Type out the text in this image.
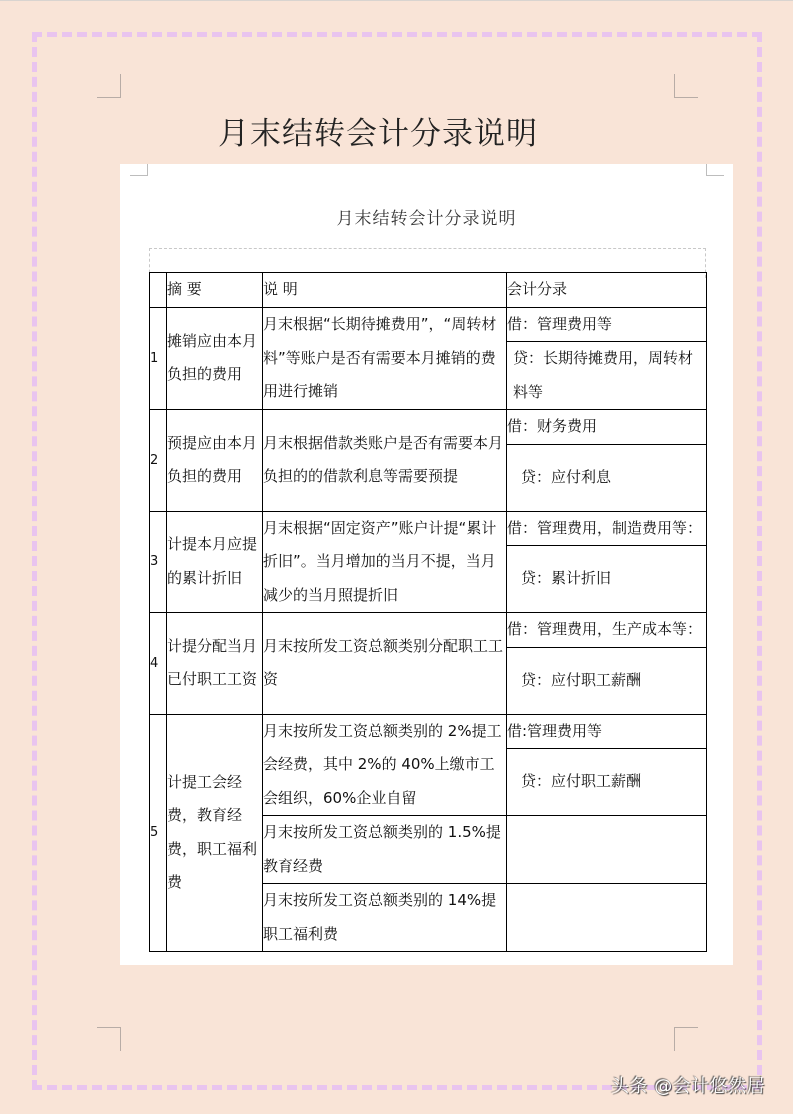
月末结转会计分录说明
月末结转会计分录说明
	摘 要	说 明	会计分录
1	摊销应由本月负担的费用	月末根据“长期待摊费用”，“周转材料”等账户是否有需要本月摊销的费用进行摊销	借：管理费用等
			贷：长期待摊费用，周转材料等
2	预提应由本月负担的费用	月末根据借款类账户是否有需要本月负担的的借款利息等需要预提	借：财务费用
			贷：应付利息
3	计提本月应提的累计折旧	月末根据“固定资产”账户计提“累计折旧”。当月增加的当月不提，当月减少的当月照提折旧	借：管理费用，制造费用等：
			贷：累计折旧
4	计提分配当月已付职工工资	月末按所发工资总额类别分配职工工资	借：管理费用，生产成本等：
			贷：应付职工薪酬
5	计提工会经费，教育经费，职工福利费	月末按所发工资总额类别的 2%提工会经费，其中 2%的 40%上缴市工会组织，60%企业自留	借:管理费用等
			贷：应付职工薪酬
		月末按所发工资总额类别的 1.5%提教育经费	
		月末按所发工资总额类别的 14%提职工福利费	
头条 @会计悠然居
